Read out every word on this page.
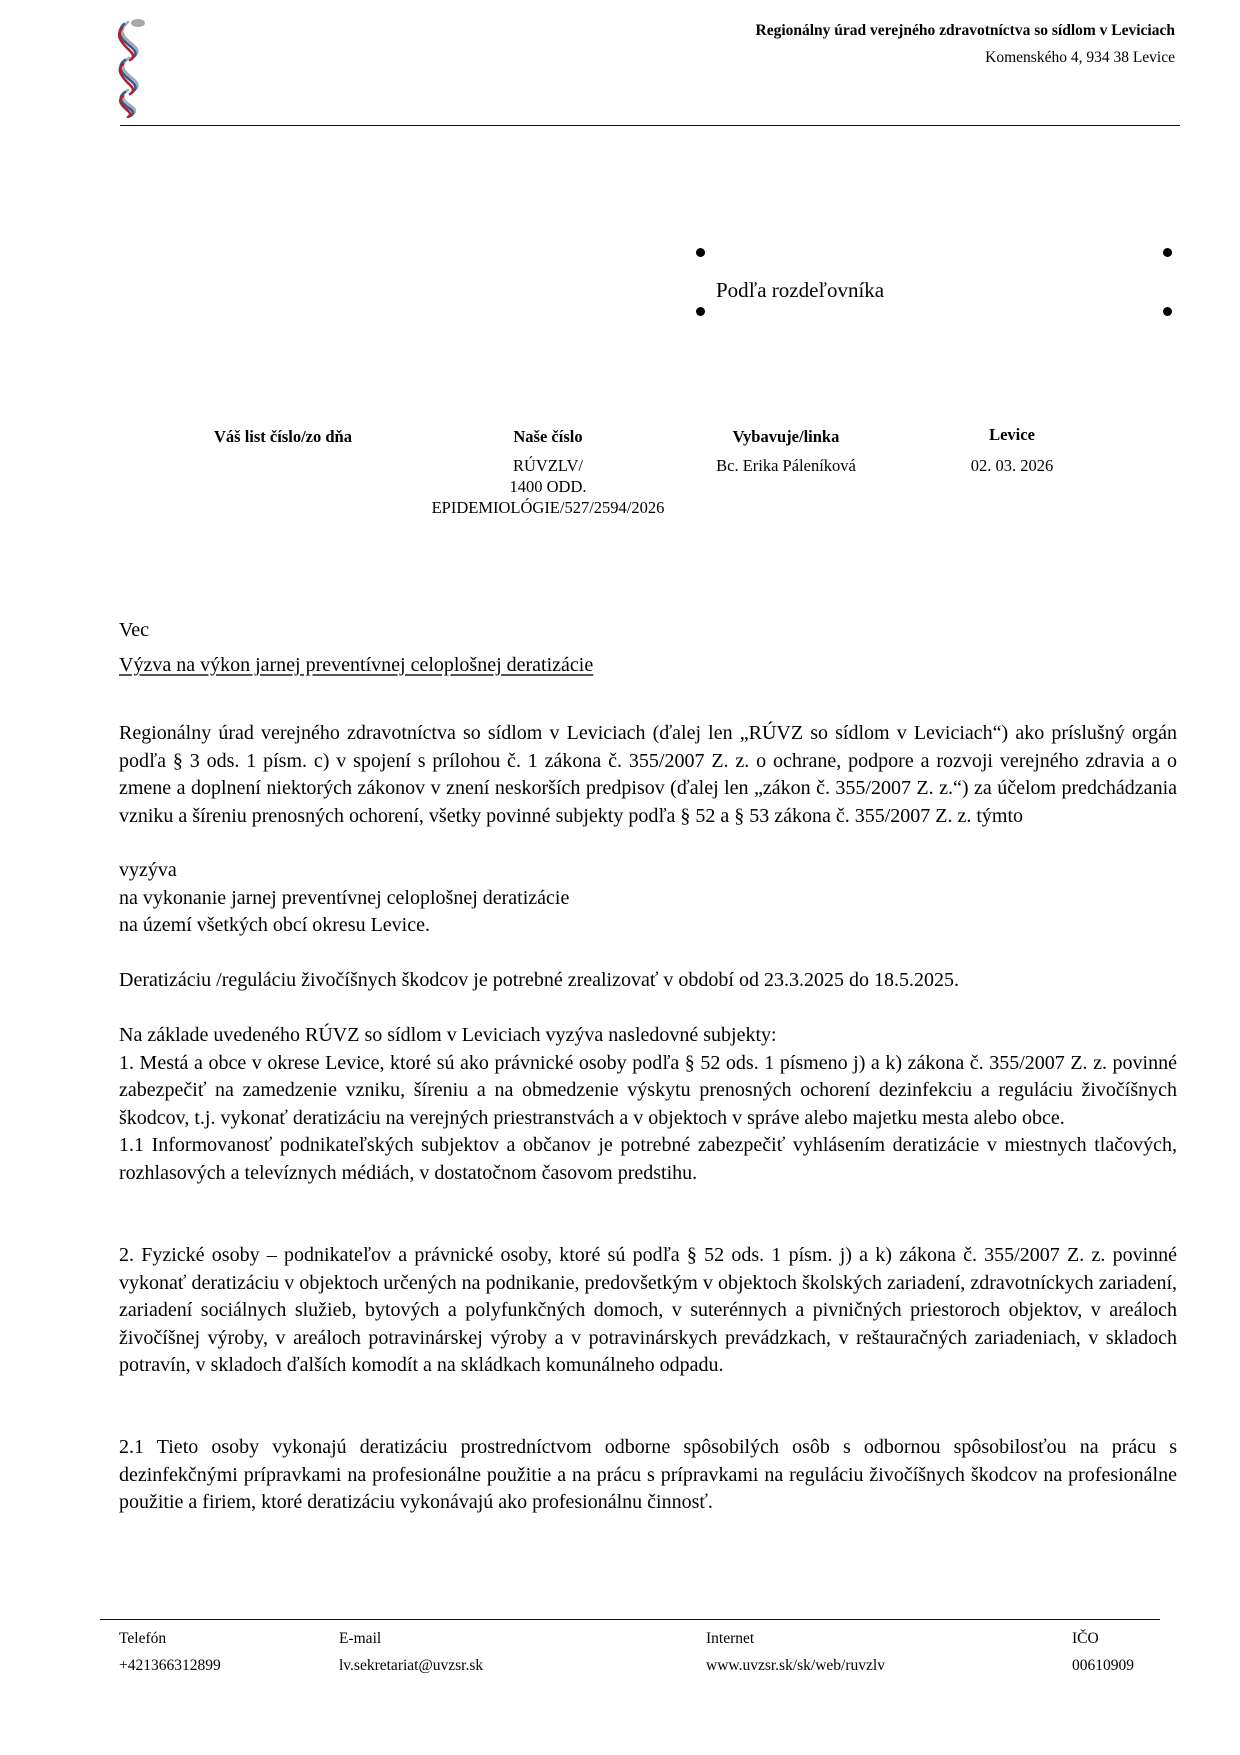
Regionálny úrad verejného zdravotníctva so sídlom v Leviciach
Komenského 4, 934 38 Levice
Podľa rozdeľovníka
Váš list číslo/zo dňa	Naše číslo
RÚVZLV/
1400 ODD.
EPIDEMIOLÓGIE/527/2594/2026
Vybavuje/linka
Bc. Erika Páleníková
Levice
02. 03. 2026
Vec
Výzva na výkon jarnej preventívnej celoplošnej deratizácie

Regionálny úrad verejného zdravotníctva so sídlom v Leviciach (ďalej len „RÚVZ so sídlom v Leviciach“) ako príslušný orgán podľa § 3 ods. 1 písm. c) v spojení s prílohou č. 1 zákona č. 355/2007 Z. z. o ochrane, podpore a rozvoji verejného zdravia a o zmene a doplnení niektorých zákonov v znení neskorších predpisov (ďalej len „zákon č. 355/2007 Z. z.“) za účelom predchádzania vzniku a šíreniu prenosných ochorení, všetky povinné subjekty podľa § 52 a § 53 zákona č. 355/2007 Z. z. týmto

vyzýva
na vykonanie jarnej preventívnej celoplošnej deratizácie
na území všetkých obcí okresu Levice.
Deratizáciu /reguláciu živočíšnych škodcov je potrebné zrealizovať v období od 23.3.2025 do 18.5.2025.

Na základe uvedeného RÚVZ so sídlom v Leviciach vyzýva nasledovné subjekty:

1. Mestá a obce v okrese Levice, ktoré sú ako právnické osoby podľa § 52 ods. 1 písmeno j) a k) zákona č. 355/2007 Z. z. povinné zabezpečiť na zamedzenie vzniku, šíreniu a na obmedzenie výskytu prenosných ochorení dezinfekciu a reguláciu živočíšnych škodcov, t.j. vykonať deratizáciu na verejných priestranstvách a v objektoch v správe alebo majetku mesta alebo obce.

1.1 Informovanosť podnikateľských subjektov a občanov je potrebné zabezpečiť vyhlásením deratizácie v miestnych tlačových, rozhlasových a televíznych médiách, v dostatočnom časovom predstihu.

2. Fyzické osoby – podnikateľov a právnické osoby, ktoré sú podľa § 52 ods. 1 písm. j) a k) zákona č. 355/2007 Z. z. povinné vykonať deratizáciu v objektoch určených na podnikanie, predovšetkým v objektoch školských zariadení, zdravotníckych zariadení, zariadení sociálnych služieb, bytových a polyfunkčných domoch, v suterénnych a pivničných priestoroch objektov, v areáloch živočíšnej výroby, v areáloch potravinárskej výroby a v potravinárskych prevádzkach, v reštauračných zariadeniach, v skladoch potravín, v skladoch ďalších komodít a na skládkach komunálneho odpadu.

2.1 Tieto osoby vykonajú deratizáciu prostredníctvom odborne spôsobilých osôb s odbornou spôsobilosťou na prácu s dezinfekčnými prípravkami na profesionálne použitie a na prácu s prípravkami na reguláciu živočíšnych škodcov na profesionálne použitie a firiem, ktoré deratizáciu vykonávajú ako profesionálnu činnosť.

Telefón
+421366312899
E-mail
lv.sekretariat@uvzsr.sk
Internet
www.uvzsr.sk/sk/web/ruvzlv
IČO
00610909
